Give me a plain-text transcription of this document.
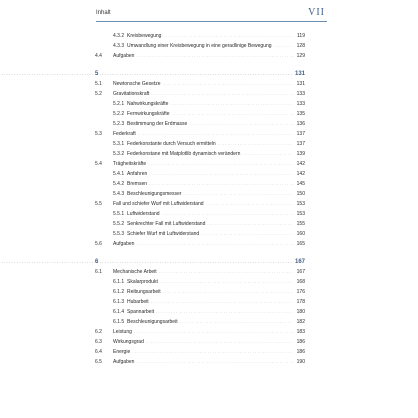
Inhalt	VII
4.3.2 Kreisbewegung .....	119
4.3.3 Umwandlung einer Kreisbewegung in eine geradlinige Bewegung .....	128
4.4 Aufgaben .....	129
5 .....	131
5.1 Newtonsche Gesetze .....	131
5.2 Gravitationskraft .....	133
5.2.1 Nahwirkungskräfte .....	133
5.2.2 Fernwirkungskräfte .....	135
5.2.3 Bestimmung der Erdmasse .....	136
5.3 Federkraft .....	137
5.3.1 Federkonstante durch Versuch ermitteln .....	137
5.3.2 Federkonstane mit Matplotlib dynamisch verändern .....	139
5.4 Trägheitskräfte .....	142
5.4.1 Anfahren .....	142
5.4.2 Bremsen .....	145
5.4.3 Beschleunigungsmesser .....	150
5.5 Fall und schiefer Wurf mit Luftwiderstand .....	153
5.5.1 Luftwiderstand .....	153
5.5.2 Senkrechter Fall mit Luftwiderstand .....	155
5.5.3 Schiefer Wurf mit Luftwiderstand .....	160
5.6 Aufgaben .....	165
6 .....	167
6.1 Mechanische Arbeit .....	167
6.1.1 Skalarprodukt .....	168
6.1.2 Reibungsarbeit .....	176
6.1.3 Hubarbeit .....	178
6.1.4 Spannarbeit .....	180
6.1.5 Beschleunigungsarbeit .....	182
6.2 Leistung .....	183
6.3 Wirkungsgrad .....	186
6.4 Energie .....	186
6.5 Aufgaben .....	190
